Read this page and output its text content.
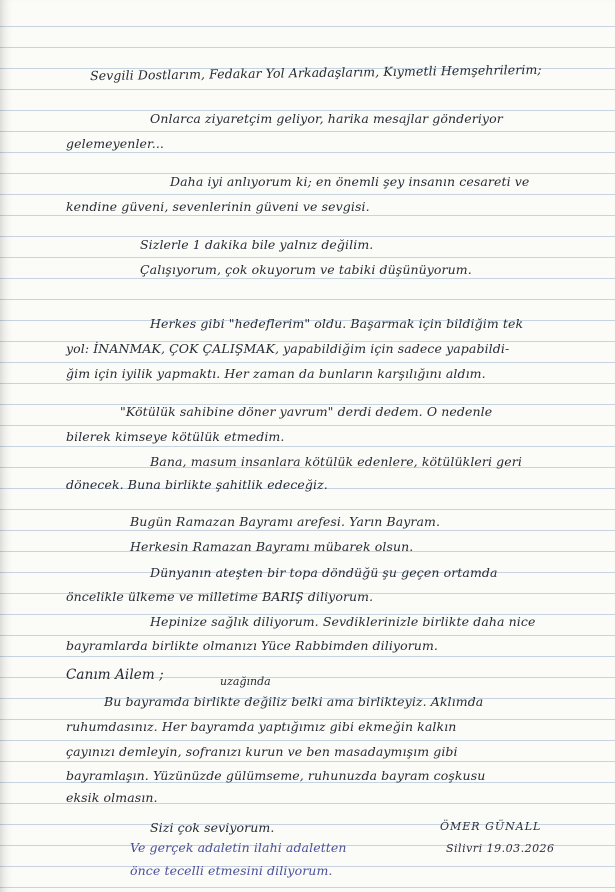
Sevgili Dostlarım, Fedakar Yol Arkadaşlarım, Kıymetli Hemşehrilerim;

Onlarca ziyaretçim geliyor, harika mesajlar gönderiyor

gelemeyenler...

Daha iyi anlıyorum ki; en önemli şey insanın cesareti ve

kendine güveni, sevenlerinin güveni ve sevgisi.

Sizlerle 1 dakika bile yalnız değilim.

Çalışıyorum, çok okuyorum ve tabiki düşünüyorum.

Herkes gibi "hedeflerim" oldu. Başarmak için bildiğim tek

yol: İNANMAK, ÇOK ÇALIŞMAK, yapabildiğim için sadece yapabildi-

ğim için iyilik yapmaktı. Her zaman da bunların karşılığını aldım.

"Kötülük sahibine döner yavrum" derdi dedem. O nedenle

bilerek kimseye kötülük etmedim.

Bana, masum insanlara kötülük edenlere, kötülükleri geri

dönecek. Buna birlikte şahitlik edeceğiz.

Bugün Ramazan Bayramı arefesi. Yarın Bayram.

Herkesin Ramazan Bayramı mübarek olsun.

Dünyanın ateşten bir topa döndüğü şu geçen ortamda

öncelikle ülkeme ve milletime BARIŞ diliyorum.

Hepinize sağlık diliyorum. Sevdiklerinizle birlikte daha nice

bayramlarda birlikte olmanızı Yüce Rabbimden diliyorum.

Canım Ailem ;	uzağında

Bu bayramda birlikte değiliz belki ama birlikteyiz. Aklımda

ruhumdasınız. Her bayramda yaptığımız gibi ekmeğin kalkın

çayınızı demleyin, sofranızı kurun ve ben masadaymışım gibi

bayramlaşın. Yüzünüzde gülümseme, ruhunuzda bayram coşkusu

eksik olmasın.

Sizi çok seviyorum.

Ve gerçek adaletin ilahi adaletten

önce tecelli etmesini diliyorum.

ÖMER GÜNALL

Silivri 19.03.2026
